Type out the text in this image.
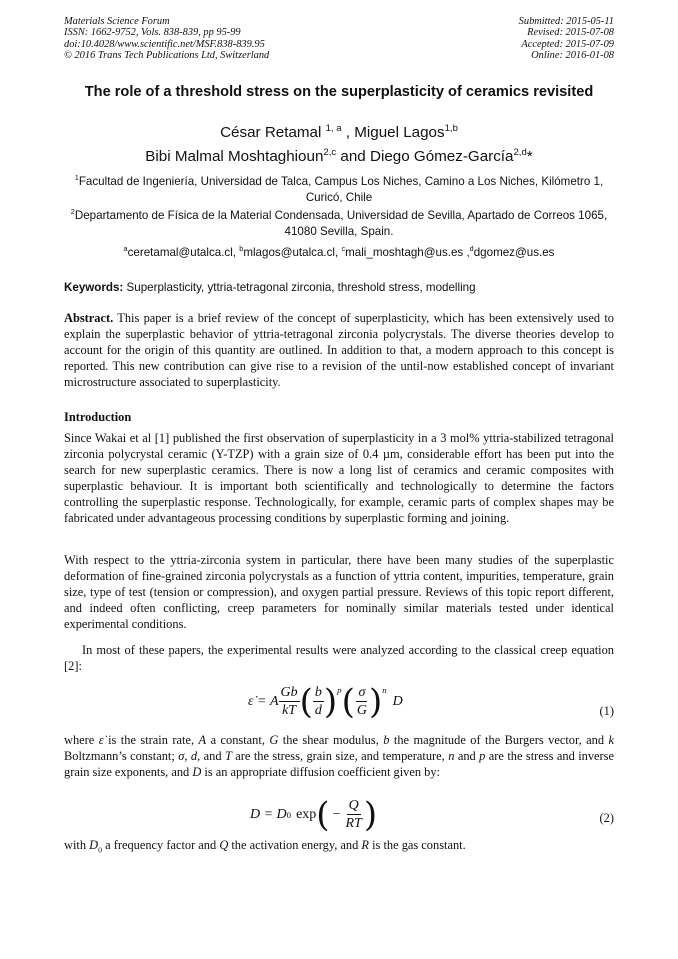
Materials Science Forum
ISSN: 1662-9752, Vols. 838-839, pp 95-99
doi:10.4028/www.scientific.net/MSF.838-839.95
© 2016 Trans Tech Publications Ltd, Switzerland
Submitted: 2015-05-11
Revised: 2015-07-08
Accepted: 2015-07-09
Online: 2016-01-08
The role of a threshold stress on the superplasticity of ceramics revisited
César Retamal $^{1, a}$ , Miguel Lagos$^{1,b}$
Bibi Malmal Moshtaghioun$^{2,c}$ and Diego Gómez-García$^{2,d}$*
$^1$Facultad de Ingeniería, Universidad de Talca, Campus Los Niches, Camino a Los Niches, Kilómetro 1, Curicó, Chile
$^2$Departamento de Física de la Material Condensada, Universidad de Sevilla, Apartado de Correos 1065, 41080 Sevilla, Spain.
$^a$ceretamal@utalca.cl, $^b$mlagos@utalca.cl, $^c$mali_moshtagh@us.es ,$^d$dgomez@us.es
Keywords: Superplasticity, yttria-tetragonal zirconia, threshold stress, modelling
Abstract. This paper is a brief review of the concept of superplasticity, which has been extensively used to explain the superplastic behavior of yttria-tetragonal zirconia polycrystals. The diverse theories develop to account for the origin of this quantity are outlined. In addition to that, a modern approach to this concept is reported. This new contribution can give rise to a revision of the until-now established concept of invariant microstructure associated to superplasticity.
Introduction
Since Wakai et al [1] published the first observation of superplasticity in a 3 mol% yttria-stabilized tetragonal zirconia polycrystal ceramic (Y-TZP) with a grain size of 0.4 µm, considerable effort has been put into the search for new superplastic ceramics. There is now a long list of ceramics and ceramic composites with superplastic behaviour. It is important both scientifically and technologically to determine the factors controlling the superplastic response. Technologically, for example, ceramic parts of complex shapes may be fabricated under advantageous processing conditions by superplastic forming and joining.
With respect to the yttria-zirconia system in particular, there have been many studies of the superplastic deformation of fine-grained zirconia polycrystals as a function of yttria content, impurities, temperature, grain size, type of test (tension or compression), and oxygen partial pressure. Reviews of this topic report different, and indeed often conflicting, creep parameters for nominally similar materials tested under identical experimental conditions.
In most of these papers, the experimental results were analyzed according to the classical creep equation [2]:
ε̇ = A $\frac{Gb}{kT}$ ( $\frac{b}{d}$ ) p ( $\frac{\sigma}{G}$ ) n
D
(1)
where ε̇ is the strain rate, A a constant, G the shear modulus, b the magnitude of the Burgers vector, and k Boltzmann’s constant; σ, d, and T are the stress, grain size, and temperature, n and p are the stress and inverse grain size exponents, and D is an appropriate diffusion coefficient given by:
D = D 0 exp ( − $\frac{Q}{RT}$ )	(2)
with $D_0$ a frequency factor and Q the activation energy, and R is the gas constant.
